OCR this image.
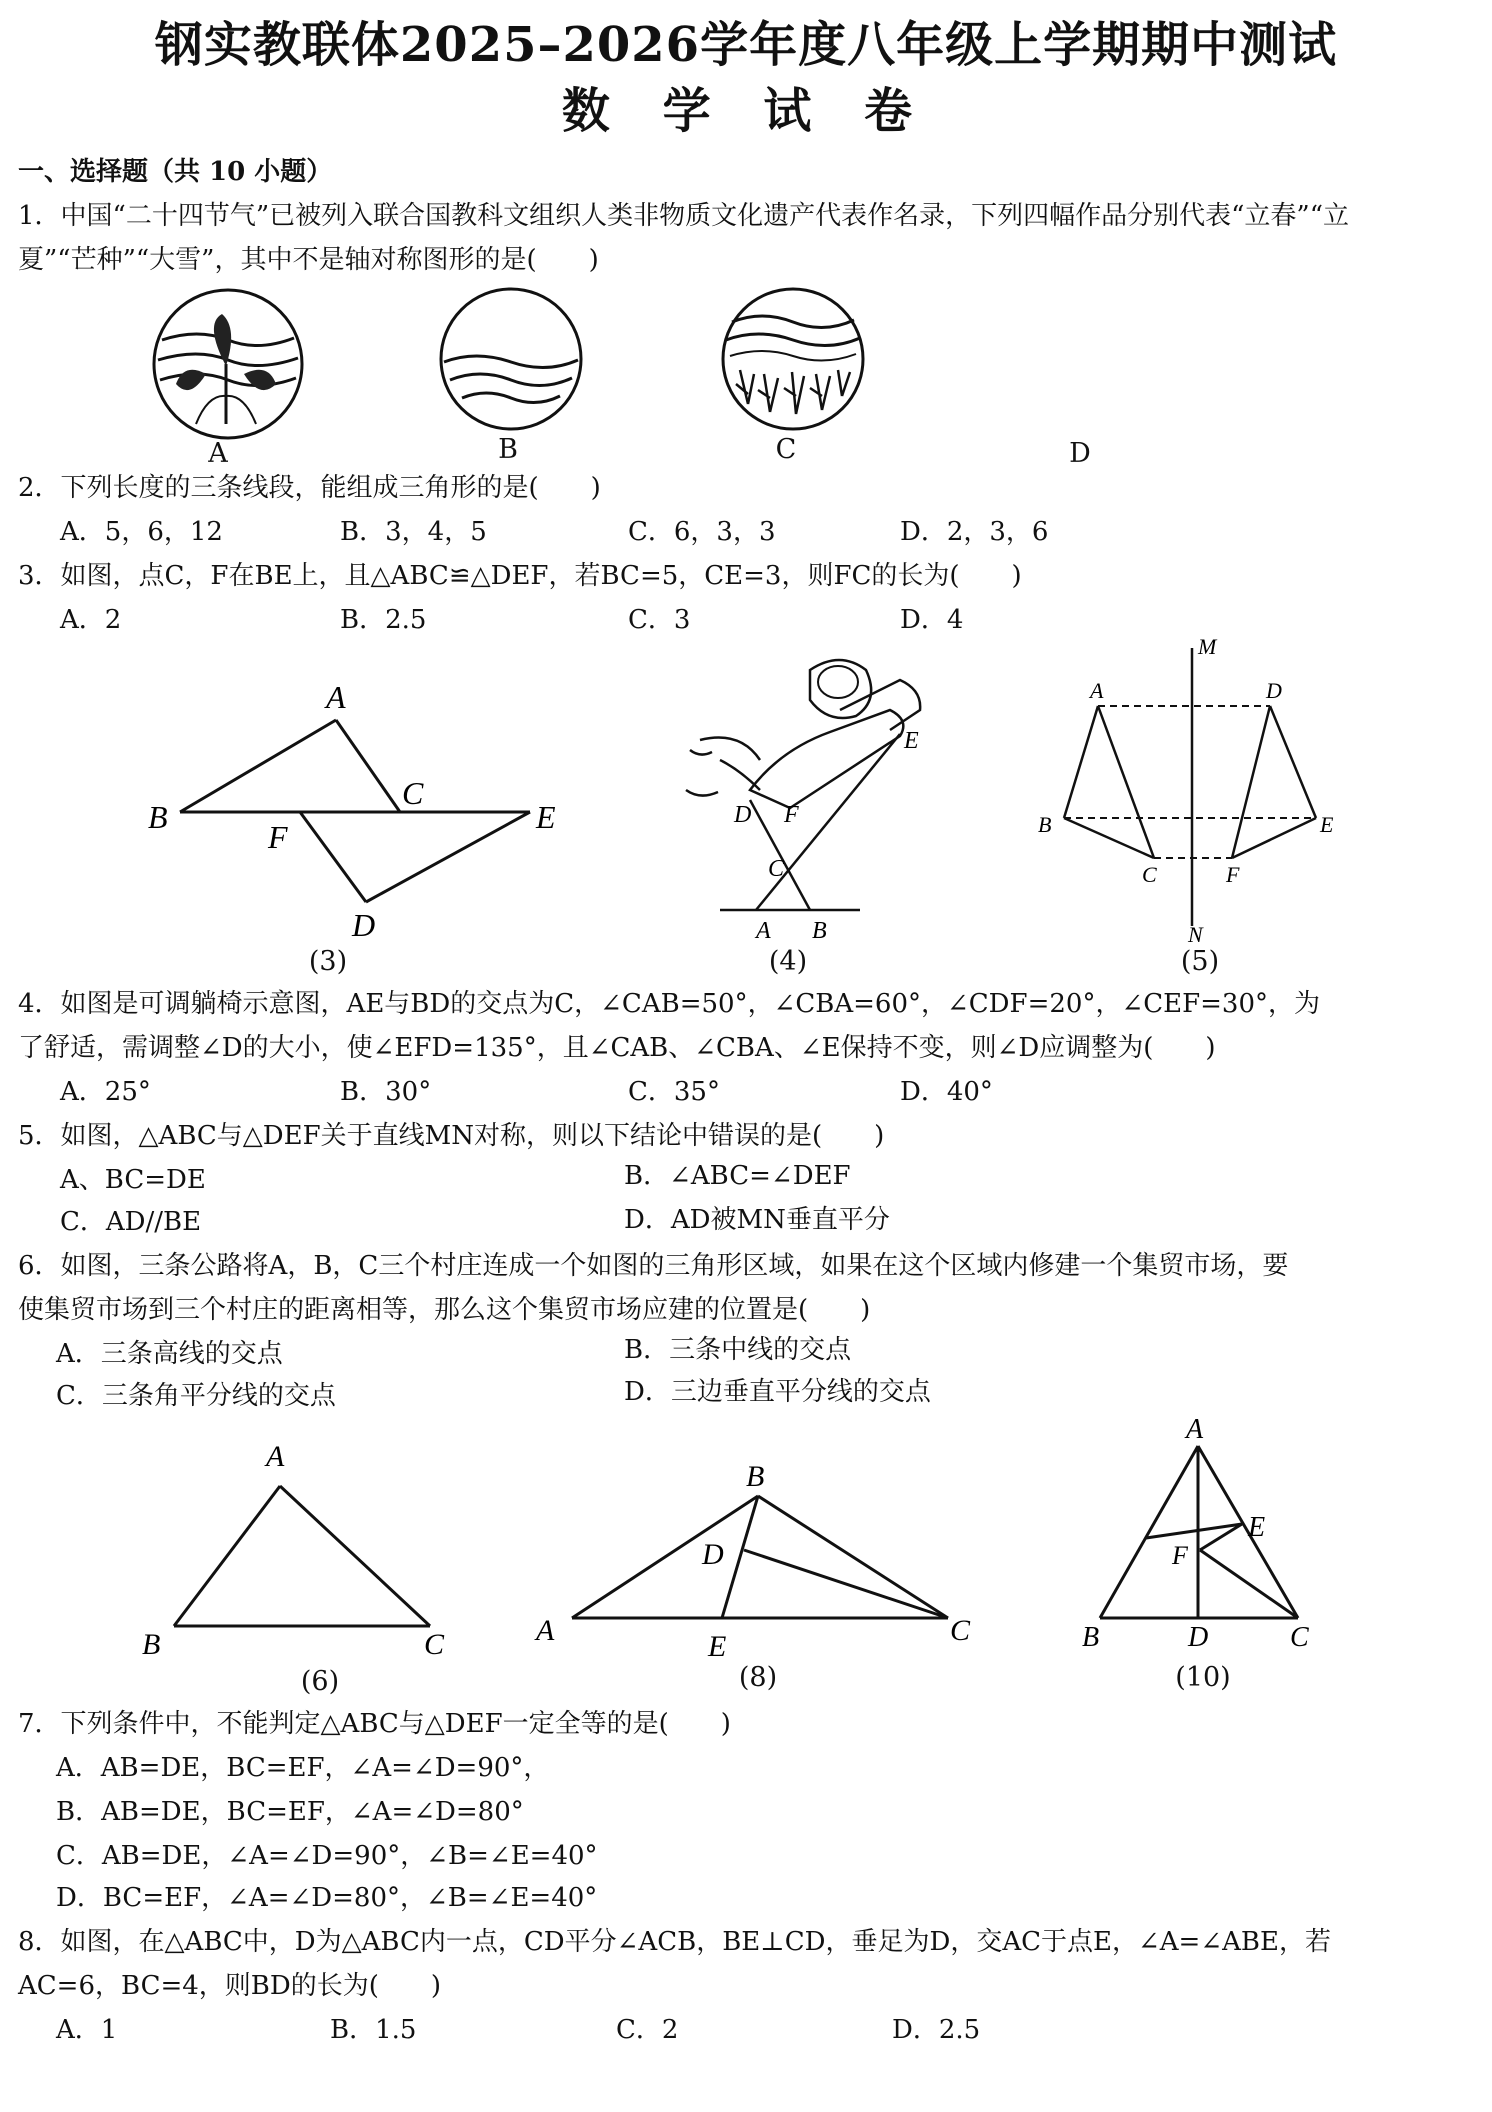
钢实教联体2025–2026学年度八年级上学期期中测试
数 学 试 卷
一、选择题（共 10 小题）
1．中国“二十四节气”已被列入联合国教科文组织人类非物质文化遗产代表作名录，下列四幅作品分别代表“立春”“立
夏”“芒种”“大雪”，其中不是轴对称图形的是(　　)
A	B	C	D
2．下列长度的三条线段，能组成三角形的是(　　)
A．5，6，12	B．3，4，5	C．6，3，3	D．2，3，6
3．如图，点C，F在BE上，且△ABC≌△DEF，若BC=5，CE=3，则FC的长为(　　)
A．2	B．2.5	C．3	D．4
A
B
C
F
E
D
(3)
E
D F
C
A B
(4)
M
N
A	D
B	E
C	F
(5)
4．如图是可调躺椅示意图，AE与BD的交点为C，∠CAB=50°，∠CBA=60°，∠CDF=20°，∠CEF=30°，为
了舒适，需调整∠D的大小，使∠EFD=135°，且∠CAB、∠CBA、∠E保持不变，则∠D应调整为(　　)
A．25°	B．30°	C．35°	D．40°
5．如图，△ABC与△DEF关于直线MN对称，则以下结论中错误的是(　　)
A、BC=DE	B．∠ABC=∠DEF
C．AD//BE	D．AD被MN垂直平分
6．如图，三条公路将A，B，C三个村庄连成一个如图的三角形区域，如果在这个区域内修建一个集贸市场，要
使集贸市场到三个村庄的距离相等，那么这个集贸市场应建的位置是(　　)
A．三条高线的交点	B．三条中线的交点
C．三条角平分线的交点	D．三边垂直平分线的交点
A
B	C
(6)
B
D
A	E	C
(8)
A
E
F
B	D	C
(10)
7．下列条件中，不能判定△ABC与△DEF一定全等的是(　　)
A．AB=DE，BC=EF，∠A=∠D=90°，
B．AB=DE，BC=EF，∠A=∠D=80°
C．AB=DE，∠A=∠D=90°，∠B=∠E=40°
D．BC=EF，∠A=∠D=80°，∠B=∠E=40°
8．如图，在△ABC中，D为△ABC内一点，CD平分∠ACB，BE⊥CD，垂足为D，交AC于点E，∠A=∠ABE，若
AC=6，BC=4，则BD的长为(　　)
A．1	B．1.5	C．2	D．2.5
